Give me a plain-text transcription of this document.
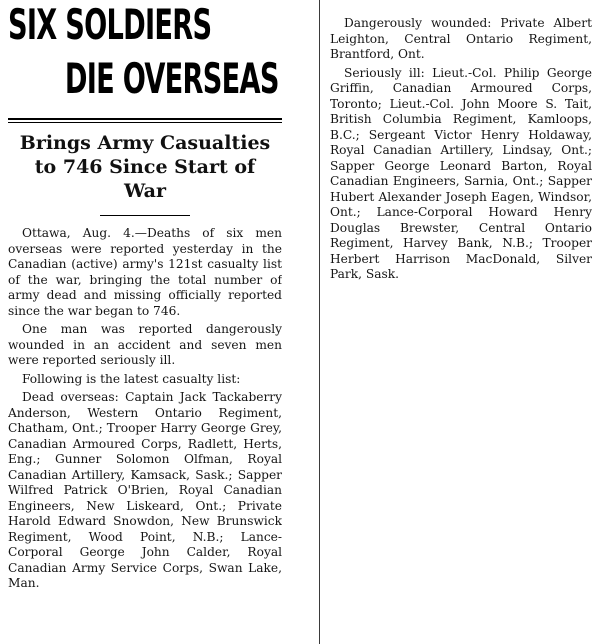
SIX SOLDIERS
DIE OVERSEAS
Brings Army Casualties to 746 Since Start of War

Ottawa, Aug. 4.—Deaths of six men overseas were reported yesterday in the Canadian (active) army's 121st casualty list of the war, bringing the total number of army dead and missing officially reported since the war began to 746.

One man was reported dangerously wounded in an accident and seven men were reported seriously ill.

Following is the latest casualty list:

Dead overseas: Captain Jack Tackaberry Anderson, Western Ontario Regiment, Chatham, Ont.; Trooper Harry George Grey, Canadian Armoured Corps, Radlett, Herts, Eng.; Gunner Solomon Olfman, Royal Canadian Artillery, Kamsack, Sask.; Sapper Wilfred Patrick O'Brien, Royal Canadian Engineers, New Liskeard, Ont.; Private Harold Edward Snowdon, New Brunswick Regiment, Wood Point, N.B.; Lance-Corporal George John Calder, Royal Canadian Army Service Corps, Swan Lake, Man.

Dangerously wounded: Private Albert Leighton, Central Ontario Regiment, Brantford, Ont.

Seriously ill: Lieut.-Col. Philip George Griffin, Canadian Armoured Corps, Toronto; Lieut.-Col. John Moore S. Tait, British Columbia Regiment, Kamloops, B.C.; Sergeant Victor Henry Holdaway, Royal Canadian Artillery, Lindsay, Ont.; Sapper George Leonard Barton, Royal Canadian Engineers, Sarnia, Ont.; Sapper Hubert Alexander Joseph Eagen, Windsor, Ont.; Lance-Corporal Howard Henry Douglas Brewster, Central Ontario Regiment, Harvey Bank, N.B.; Trooper Herbert Harrison MacDonald, Silver Park, Sask.
